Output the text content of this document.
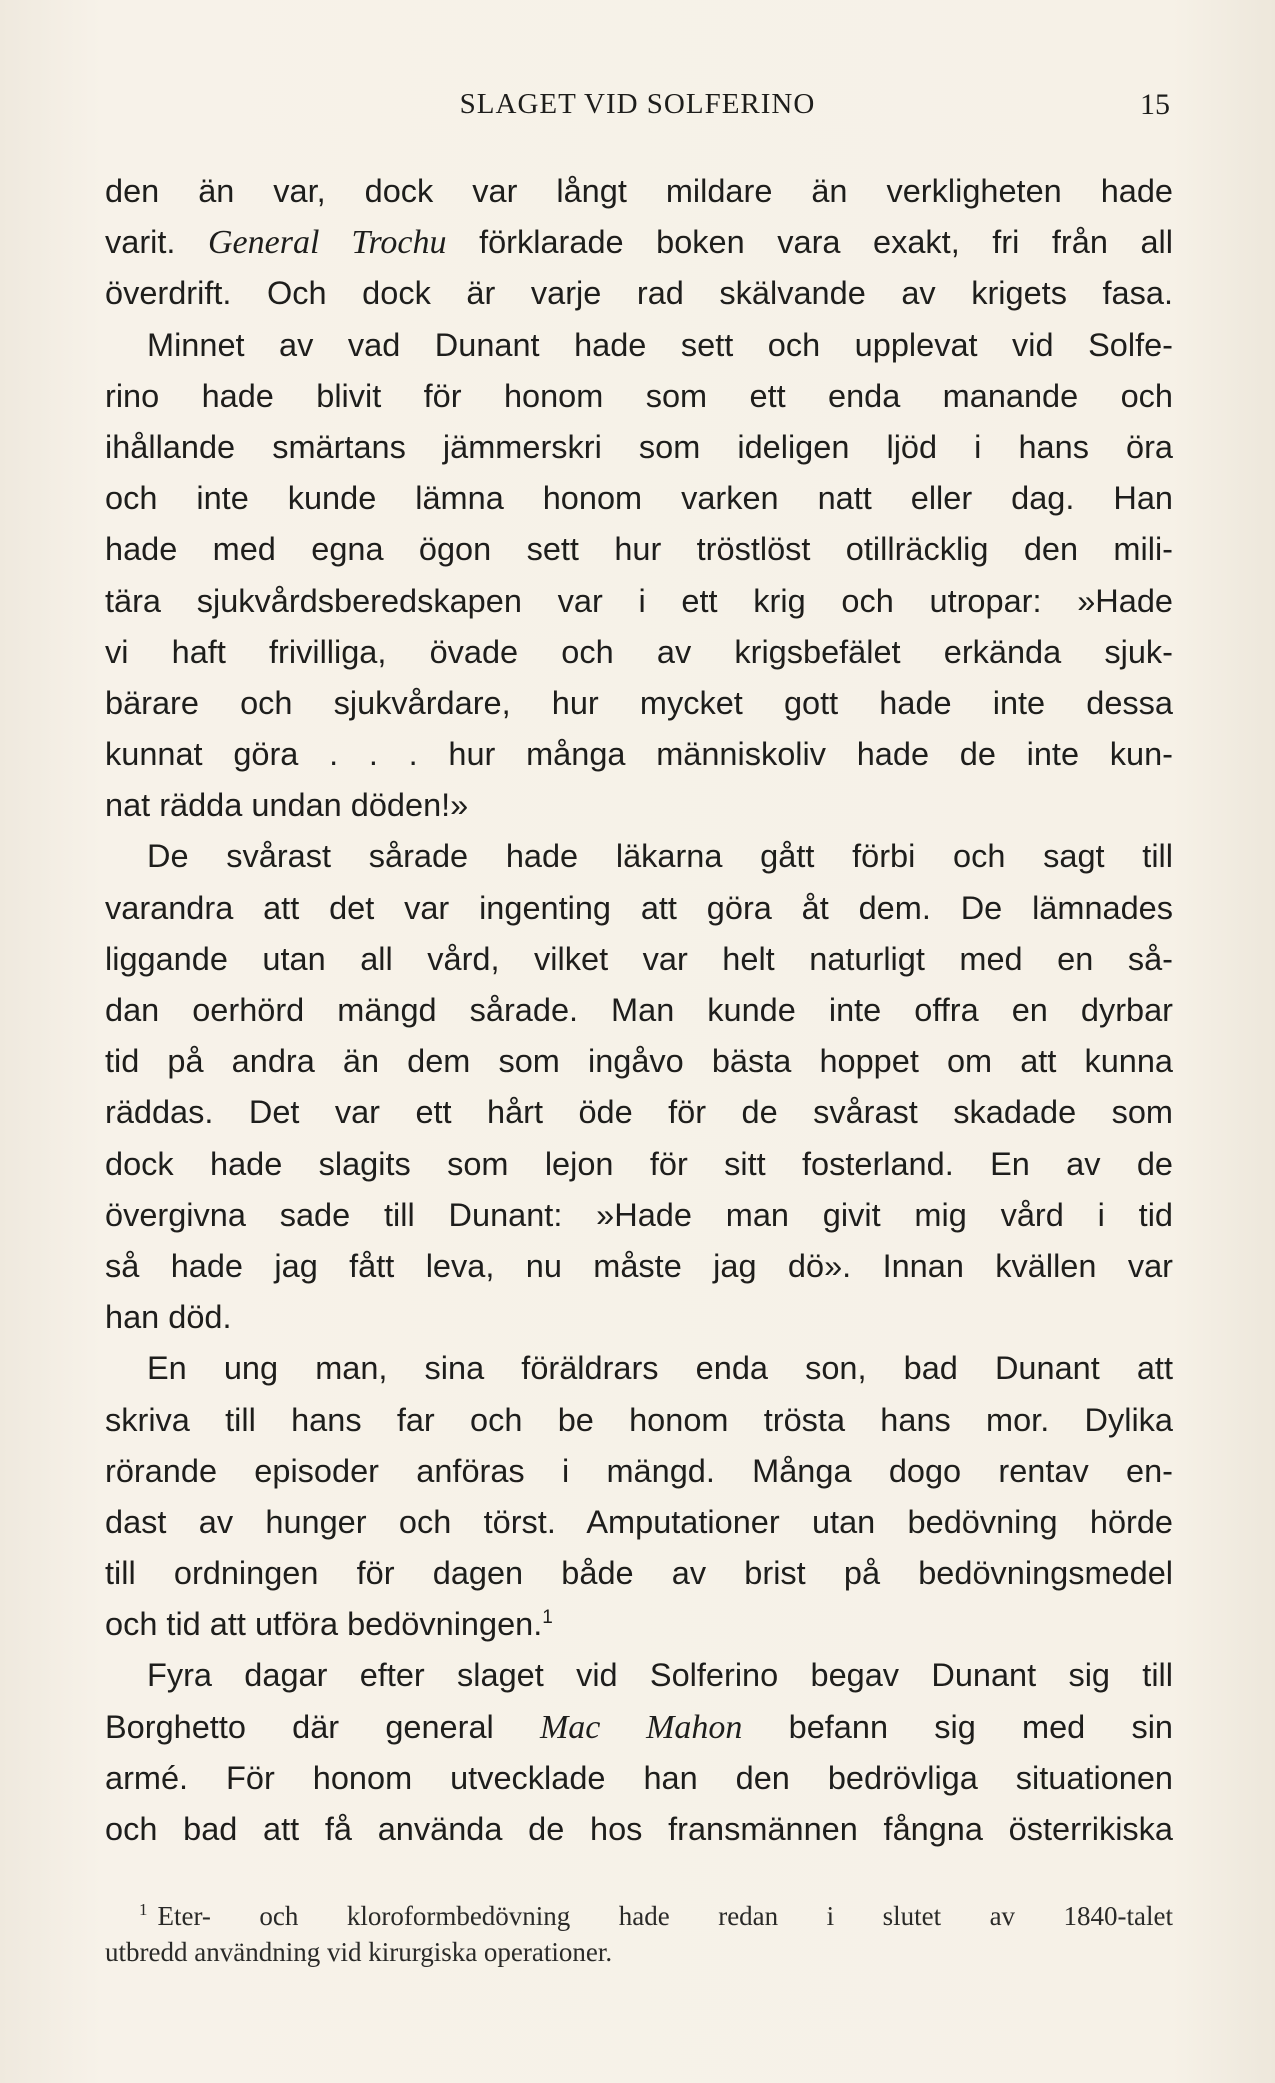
SLAGET VID SOLFERINO	15
den än var, dock var långt mildare än verkligheten hade
varit. General Trochu förklarade boken vara exakt, fri från all
överdrift. Och dock är varje rad skälvande av krigets fasa.
Minnet av vad Dunant hade sett och upplevat vid Solfe-
rino hade blivit för honom som ett enda manande och
ihållande smärtans jämmerskri som ideligen ljöd i hans öra
och inte kunde lämna honom varken natt eller dag. Han
hade med egna ögon sett hur tröstlöst otillräcklig den mili-
tära sjukvårdsberedskapen var i ett krig och utropar: »Hade
vi haft frivilliga, övade och av krigsbefälet erkända sjuk-
bärare och sjukvårdare, hur mycket gott hade inte dessa
kunnat göra . . . hur många människoliv hade de inte kun-
nat rädda undan döden!»
De svårast sårade hade läkarna gått förbi och sagt till
varandra att det var ingenting att göra åt dem. De lämnades
liggande utan all vård, vilket var helt naturligt med en så-
dan oerhörd mängd sårade. Man kunde inte offra en dyrbar
tid på andra än dem som ingåvo bästa hoppet om att kunna
räddas. Det var ett hårt öde för de svårast skadade som
dock hade slagits som lejon för sitt fosterland. En av de
övergivna sade till Dunant: »Hade man givit mig vård i tid
så hade jag fått leva, nu måste jag dö». Innan kvällen var
han död.
En ung man, sina föräldrars enda son, bad Dunant att
skriva till hans far och be honom trösta hans mor. Dylika
rörande episoder anföras i mängd. Många dogo rentav en-
dast av hunger och törst. Amputationer utan bedövning hörde
till ordningen för dagen både av brist på bedövningsmedel
och tid att utföra bedövningen.$^1$
Fyra dagar efter slaget vid Solferino begav Dunant sig till
Borghetto där general Mac Mahon befann sig med sin
armé. För honom utvecklade han den bedrövliga situationen
och bad att få använda de hos fransmännen fångna österrikiska
$^1$ Eter- och kloroformbedövning hade redan i slutet av 1840-talet
utbredd användning vid kirurgiska operationer.
